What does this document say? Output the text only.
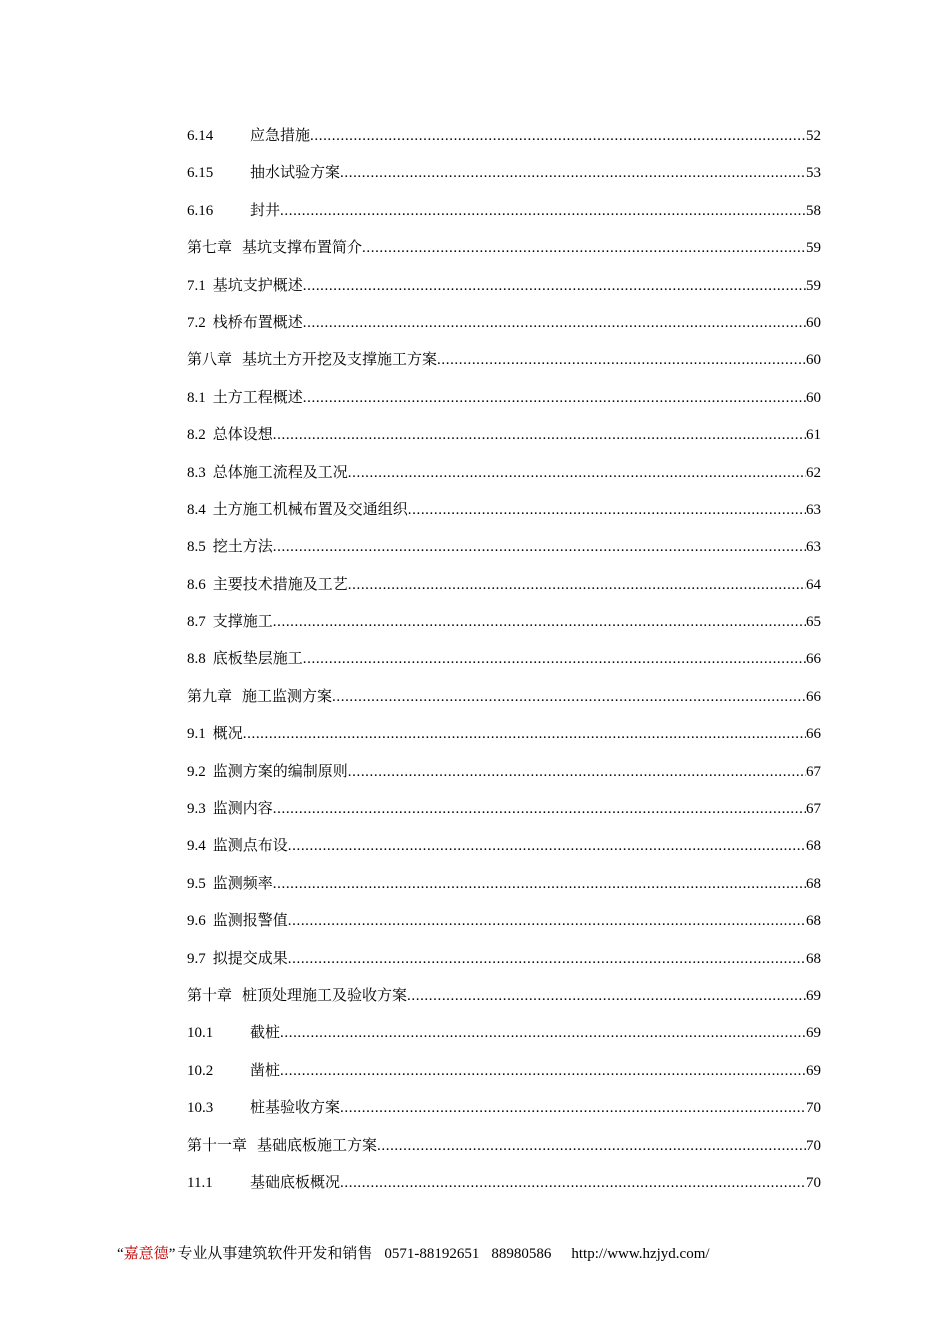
6.14	应急措施 .....	52
6.15	抽水试验方案 .....	53
6.16	封井 .....	58
第七章 基坑支撑布置简介 .....	59
7.1 基坑支护概述 .....	59
7.2 栈桥布置概述 .....	60
第八章 基坑土方开挖及支撑施工方案 .....	60
8.1 土方工程概述 .....	60
8.2 总体设想 .....	61
8.3 总体施工流程及工况 .....	62
8.4 土方施工机械布置及交通组织 .....	63
8.5 挖土方法 .....	63
8.6 主要技术措施及工艺 .....	64
8.7 支撑施工 .....	65
8.8 底板垫层施工 .....	66
第九章 施工监测方案 .....	66
9.1 概况 .....	66
9.2 监测方案的编制原则 .....	67
9.3 监测内容 .....	67
9.4 监测点布设 .....	68
9.5 监测频率 .....	68
9.6 监测报警值 .....	68
9.7 拟提交成果 .....	68
第十章 桩顶处理施工及验收方案 .....	69
10.1	截桩 .....	69
10.2	凿桩 .....	69
10.3	桩基验收方案 .....	70
第十一章 基础底板施工方案 .....	70
11.1	基础底板概况 .....	70
“嘉意德” 专业从事建筑软件开发和销售 0571-88192651 88980586 http://www.hzjyd.com/
